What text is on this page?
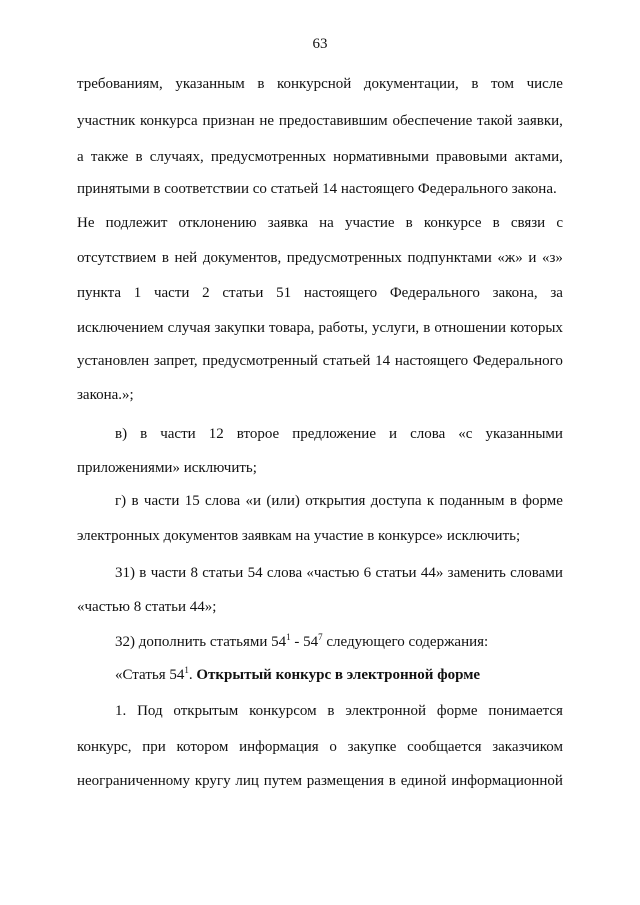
63
требованиям, указанным в конкурсной документации, в том числе
участник конкурса признан не предоставившим обеспечение такой заявки,
а также в случаях, предусмотренных нормативными правовыми актами,
принятыми в соответствии со статьей 14 настоящего Федерального закона.
Не подлежит отклонению заявка на участие в конкурсе в связи с
отсутствием в ней документов, предусмотренных подпунктами «ж» и «з»
пункта 1 части 2 статьи 51 настоящего Федерального закона, за
исключением случая закупки товара, работы, услуги, в отношении которых
установлен запрет, предусмотренный статьей 14 настоящего Федерального
закона.»;
в) в части 12 второе предложение и слова «с указанными
приложениями» исключить;
г) в части 15 слова «и (или) открытия доступа к поданным в форме
электронных документов заявкам на участие в конкурсе» исключить;
31) в части 8 статьи 54 слова «частью 6 статьи 44» заменить словами
«частью 8 статьи 44»;
32) дополнить статьями $54^1 - 54^7$ следующего содержания:
«Статья $54^1$. Открытый конкурс в электронной форме
1. Под открытым конкурсом в электронной форме понимается
конкурс, при котором информация о закупке сообщается заказчиком
неограниченному кругу лиц путем размещения в единой информационной
